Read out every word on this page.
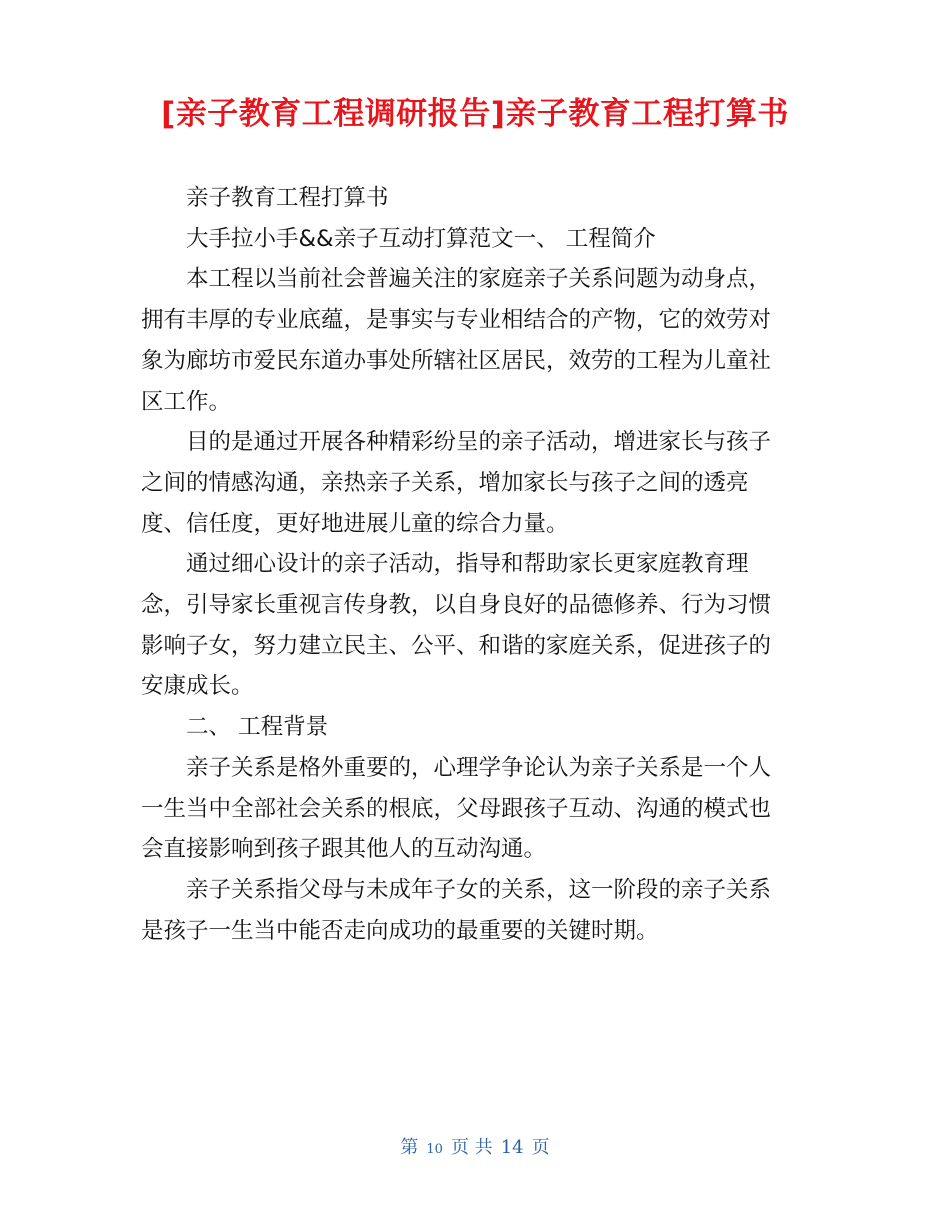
[亲子教育工程调研报告]亲子教育工程打算书

亲子教育工程打算书

大手拉小手&&亲子互动打算范文一、 工程简介

本工程以当前社会普遍关注的家庭亲子关系问题为动身点，拥有丰厚的专业底蕴，是事实与专业相结合的产物，它的效劳对象为廊坊市爱民东道办事处所辖社区居民，效劳的工程为儿童社区工作。

目的是通过开展各种精彩纷呈的亲子活动，增进家长与孩子之间的情感沟通，亲热亲子关系，增加家长与孩子之间的透亮度、信任度，更好地进展儿童的综合力量。

通过细心设计的亲子活动，指导和帮助家长更家庭教育理念，引导家长重视言传身教，以自身良好的品德修养、行为习惯影响子女，努力建立民主、公平、和谐的家庭关系，促进孩子的安康成长。

二、 工程背景

亲子关系是格外重要的，心理学争论认为亲子关系是一个人一生当中全部社会关系的根底，父母跟孩子互动、沟通的模式也会直接影响到孩子跟其他人的互动沟通。

亲子关系指父母与未成年子女的关系，这一阶段的亲子关系是孩子一生当中能否走向成功的最重要的关键时期。

第 10 页 共 14 页
